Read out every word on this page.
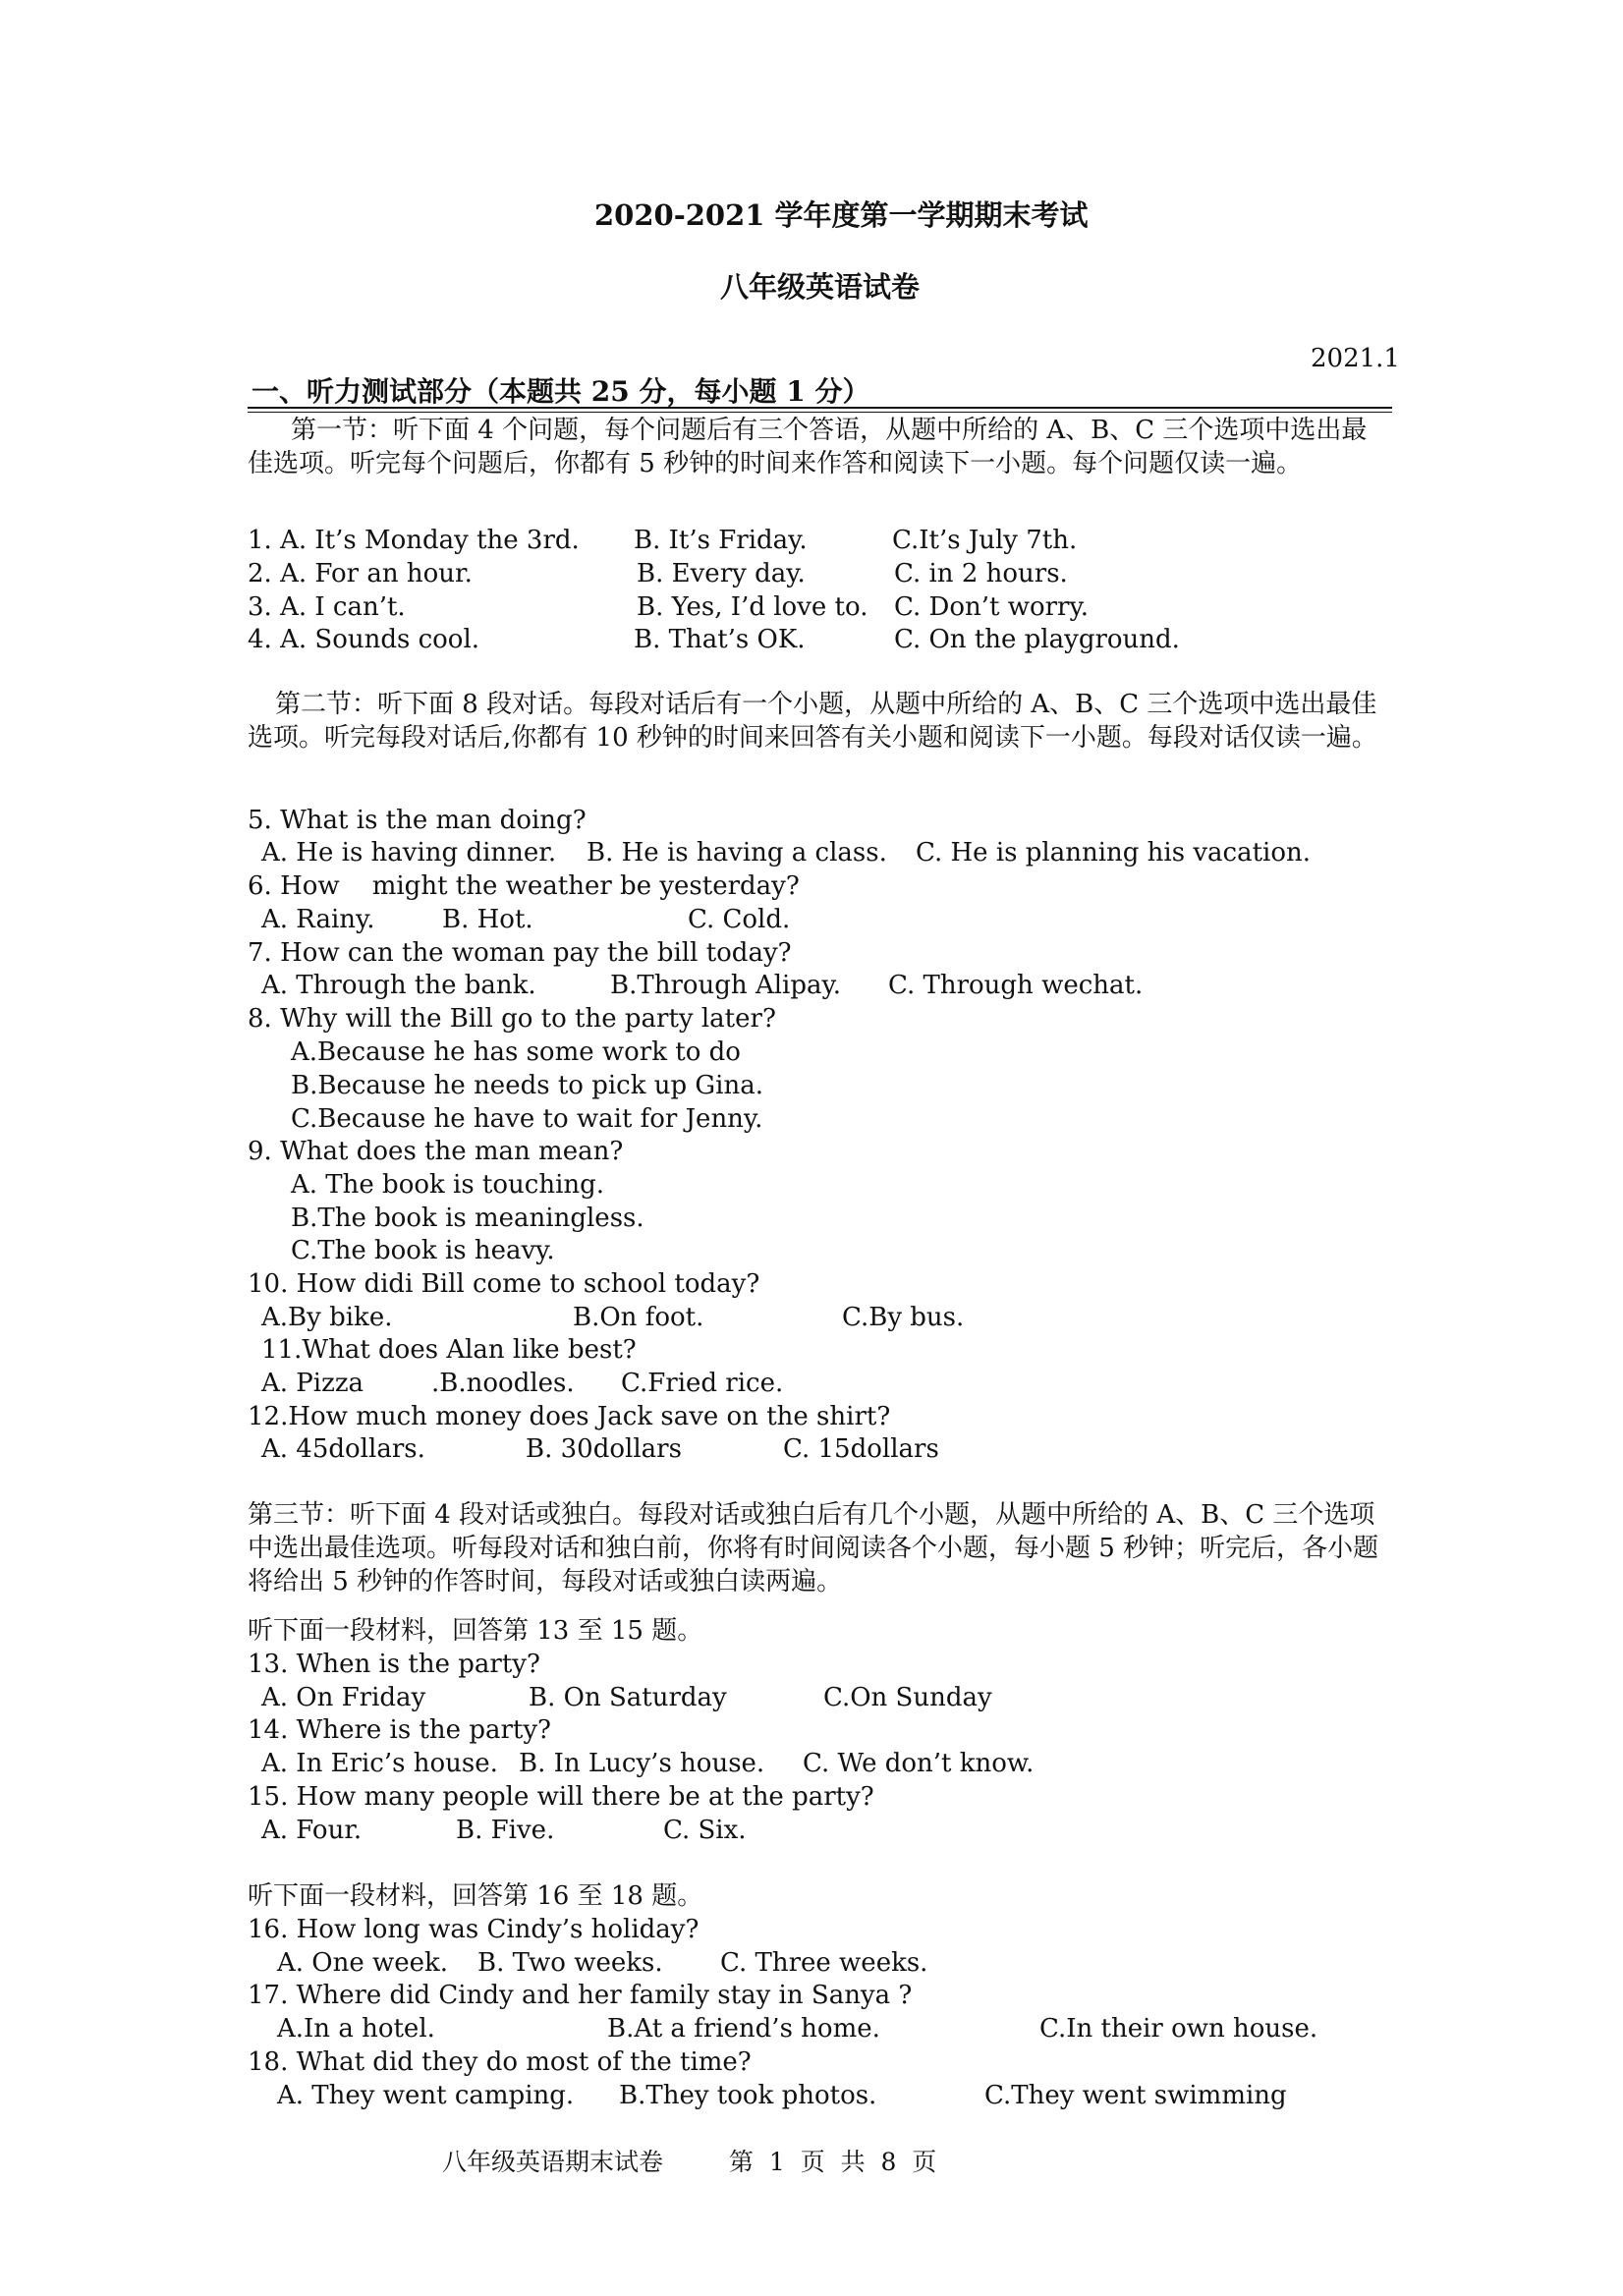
2020-2021 学年度第一学期期末考试
八年级英语试卷
2021.1
一、听力测试部分（本题共 25 分，每小题 1 分）
第一节：听下面 4 个问题，每个问题后有三个答语，从题中所给的 A、B、C 三个选项中选出最佳选项。听完每个问题后，你都有 5 秒钟的时间来作答和阅读下一小题。每个问题仅读一遍。
1. A. It’s Monday the 3rd. B. It’s Friday.	C.It’s July 7th.
2. A. For an hour.	B. Every day.	C. in 2 hours.
3. A. I can’t.	B. Yes, I’d love to. C. Don’t worry.
4. A. Sounds cool.	B. That’s OK.	C. On the playground.
第二节：听下面 8 段对话。每段对话后有一个小题，从题中所给的 A、B、C 三个选项中选出最佳选项。听完每段对话后,你都有 10 秒钟的时间来回答有关小题和阅读下一小题。每段对话仅读一遍。
5. What is the man doing?
A. He is having dinner. B. He is having a class. C. He is planning his vacation.
6. How    might the weather be yesterday?
A. Rainy.	B. Hot.	C. Cold.
7. How can the woman pay the bill today?
A. Through the bank.	B.Through Alipay. C. Through wechat.
8. Why will the Bill go to the party later?
A.Because he has some work to do
B.Because he needs to pick up Gina.
C.Because he have to wait for Jenny.
9. What does the man mean?
A. The book is touching.
B.The book is meaningless.
C.The book is heavy.
10. How didi Bill come to school today?
A.By bike.	B.On foot.	C.By bus.
11.What does Alan like best?
A. Pizza	.B.noodles. C.Fried rice.
12.How much money does Jack save on the shirt?
A. 45dollars.	B. 30dollars	C. 15dollars
第三节：听下面 4 段对话或独白。每段对话或独白后有几个小题，从题中所给的 A、B、C 三个选项中选出最佳选项。听每段对话和独白前，你将有时间阅读各个小题，每小题 5 秒钟；听完后，各小题将给出 5 秒钟的作答时间，每段对话或独白读两遍。
听下面一段材料，回答第 13 至 15 题。
13. When is the party?
A. On Friday	B. On Saturday	C.On Sunday
14. Where is the party?
A. In Eric’s house. B. In Lucy’s house. C. We don’t know.
15. How many people will there be at the party?
A. Four.	B. Five.	C. Six.
听下面一段材料，回答第 16 至 18 题。
16. How long was Cindy’s holiday?
A. One week. B. Two weeks. C. Three weeks.
17. Where did Cindy and her family stay in Sanya ?
A.In a hotel.	B.At a friend’s home.	C.In their own house.
18. What did they do most of the time?
A. They went camping. B.They took photos.	C.They went swimming
八年级英语期末试卷	第  1  页  共  8  页
